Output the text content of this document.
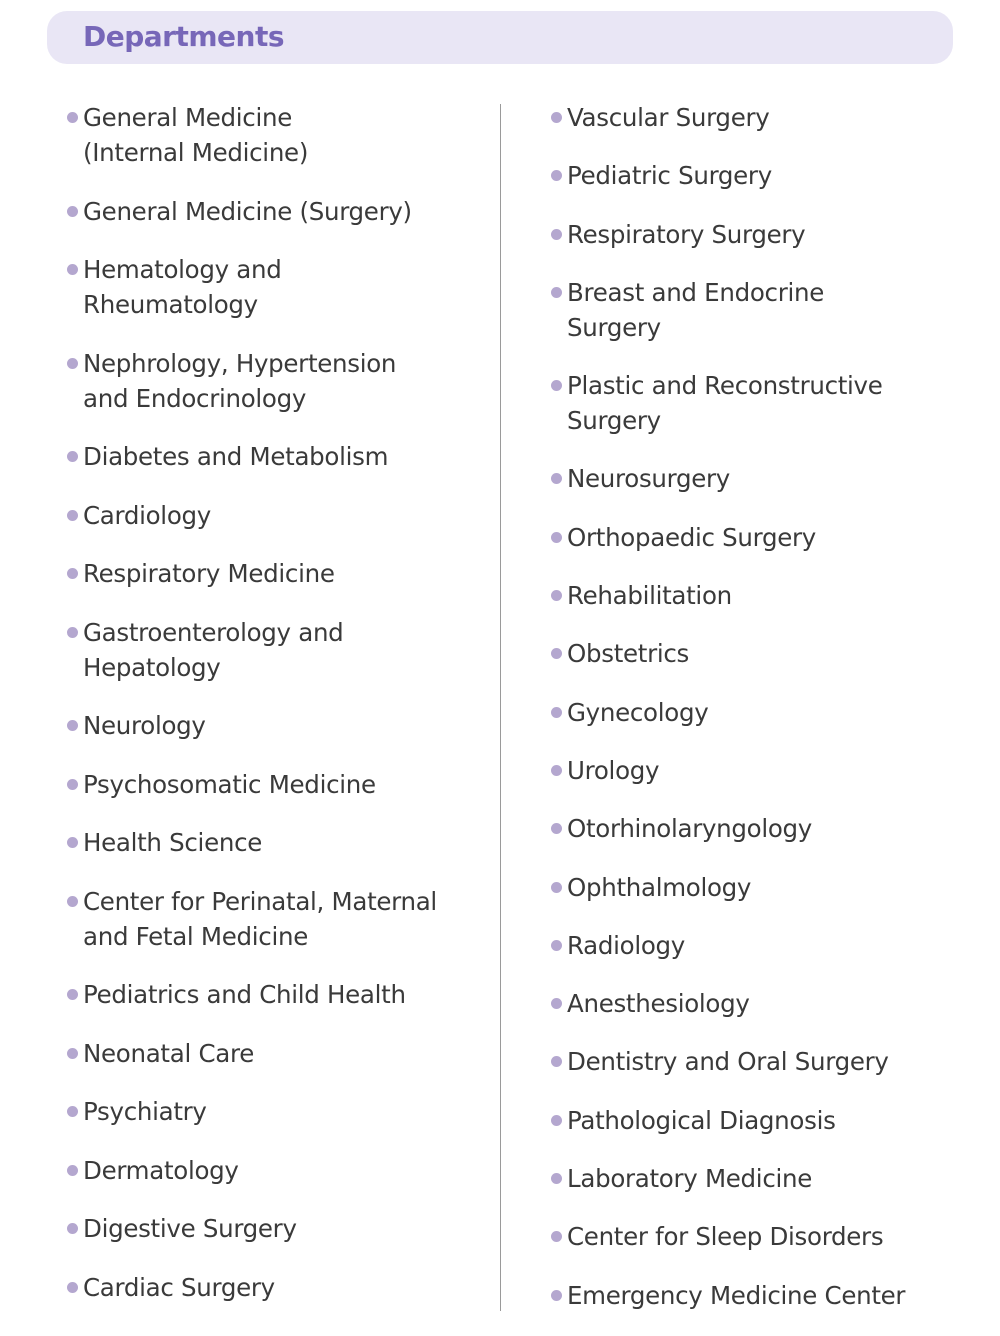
Departments
General Medicine
(Internal Medicine)
General Medicine (Surgery)
Hematology and
Rheumatology
Nephrology, Hypertension
and Endocrinology
Diabetes and Metabolism
Cardiology
Respiratory Medicine
Gastroenterology and
Hepatology
Neurology
Psychosomatic Medicine
Health Science
Center for Perinatal, Maternal
and Fetal Medicine
Pediatrics and Child Health
Neonatal Care
Psychiatry
Dermatology
Digestive Surgery
Cardiac Surgery
Vascular Surgery
Pediatric Surgery
Respiratory Surgery
Breast and Endocrine
Surgery
Plastic and Reconstructive
Surgery
Neurosurgery
Orthopaedic Surgery
Rehabilitation
Obstetrics
Gynecology
Urology
Otorhinolaryngology
Ophthalmology
Radiology
Anesthesiology
Dentistry and Oral Surgery
Pathological Diagnosis
Laboratory Medicine
Center for Sleep Disorders
Emergency Medicine Center
